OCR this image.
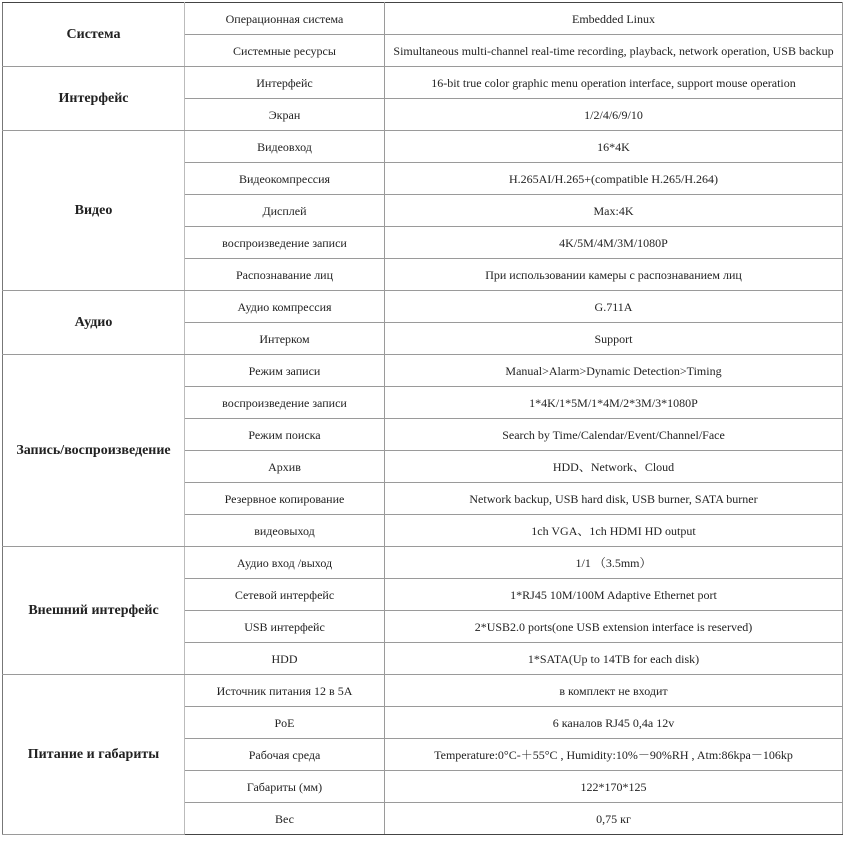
Система	Операционная система	Embedded Linux
	Системные ресурсы	Simultaneous multi-channel real-time recording, playback, network operation, USB backup
Интерфейс	Интерфейс	16-bit true color graphic menu operation interface, support mouse operation
	Экран	1/2/4/6/9/10
Видео	Видеовход	16*4K
	Видеокомпрессия	H.265AI/H.265+(compatible H.265/H.264)
	Дисплей	Max:4K
	воспроизведение записи	4K/5M/4M/3M/1080P
	Распознавание лиц	При использовании камеры с распознаванием лиц
Аудио	Аудио компрессия	G.711A
	Интерком	Support
Запись/воспроизведение	Режим записи	Manual>Alarm>Dynamic Detection>Timing
	воспроизведение записи	1*4K/1*5M/1*4M/2*3M/3*1080P
	Режим поиска	Search by Time/Calendar/Event/Channel/Face
	Архив	HDD、Network、Cloud
	Резервное копирование	Network backup, USB hard disk, USB burner, SATA burner
	видеовыход	1ch VGA、1ch HDMI HD output
Внешний интерфейс	Аудио вход /выход	1/1 （3.5mm）
	Сетевой интерфейс	1*RJ45 10M/100M Adaptive Ethernet port
	USB интерфейс	2*USB2.0 ports(one USB extension interface is reserved)
	HDD	1*SATA(Up to 14TB for each disk)
Питание и габариты	Источник питания 12 в 5А	в комплект не входит
	PoE	6 каналов RJ45 0,4а 12v
	Рабочая среда	Temperature:0°C-＋55°C , Humidity:10%－90%RH , Atm:86kpa－106kp
	Габариты (мм)	122*170*125
	Вес	0,75 кг
